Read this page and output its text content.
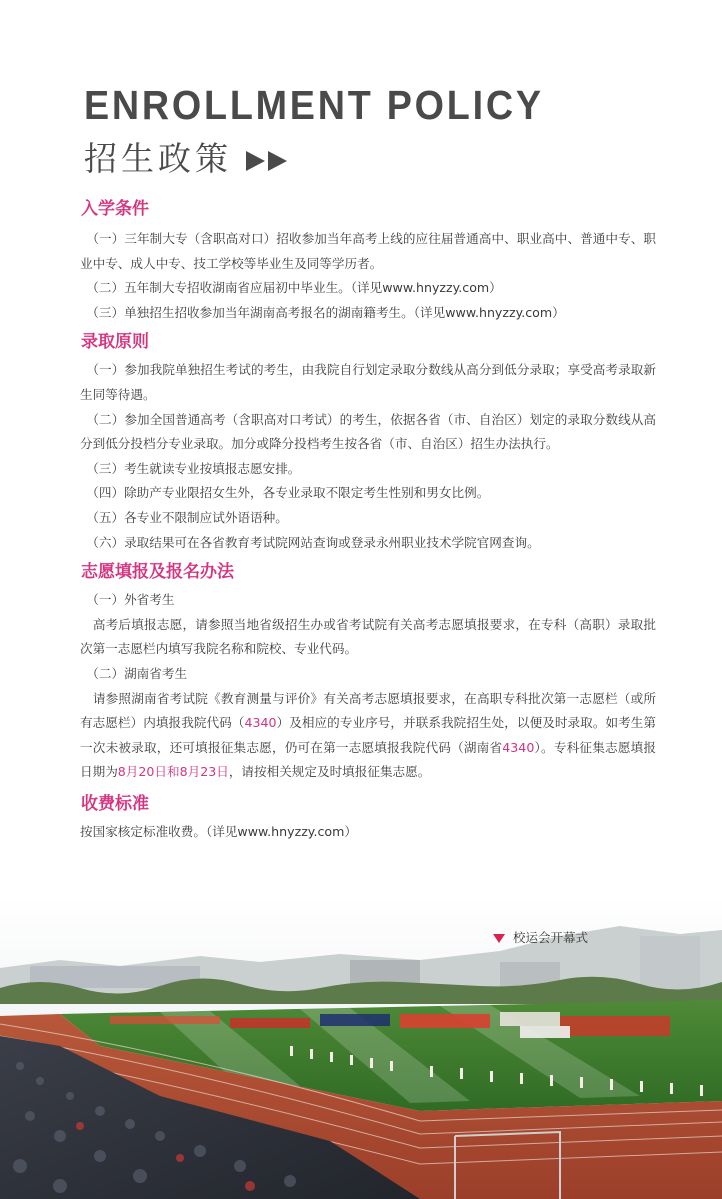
ENROLLMENT POLICY
招生政策
入学条件

　（一）三年制大专（含职高对口）招收参加当年高考上线的应往届普通高中、职业高中、普通中专、职业中专、成人中专、技工学校等毕业生及同等学历者。

　（二）五年制大专招收湖南省应届初中毕业生。（详见www.hnyzzy.com）

　（三）单独招生招收参加当年湖南高考报名的湖南籍考生。（详见www.hnyzzy.com）

录取原则

　（一）参加我院单独招生考试的考生，由我院自行划定录取分数线从高分到低分录取；享受高考录取新生同等待遇。

　（二）参加全国普通高考（含职高对口考试）的考生，依据各省（市、自治区）划定的录取分数线从高分到低分投档分专业录取。加分或降分投档考生按各省（市、自治区）招生办法执行。

　（三）考生就读专业按填报志愿安排。

　（四）除助产专业限招女生外，各专业录取不限定考生性别和男女比例。

　（五）各专业不限制应试外语语种。

　（六）录取结果可在各省教育考试院网站查询或登录永州职业技术学院官网查询。

志愿填报及报名办法

　（一）外省考生

　高考后填报志愿，请参照当地省级招生办或省考试院有关高考志愿填报要求，在专科（高职）录取批次第一志愿栏内填写我院名称和院校、专业代码。

　（二）湖南省考生

　请参照湖南省考试院《教育测量与评价》有关高考志愿填报要求，在高职专科批次第一志愿栏（或所有志愿栏）内填报我院代码（4340）及相应的专业序号，并联系我院招生处，以便及时录取。如考生第一次未被录取，还可填报征集志愿，仍可在第一志愿填报我院代码（湖南省4340）。专科征集志愿填报日期为8月20日和8月23日，请按相关规定及时填报征集志愿。

收费标准

按国家核定标准收费。（详见www.hnyzzy.com）

校运会开幕式
